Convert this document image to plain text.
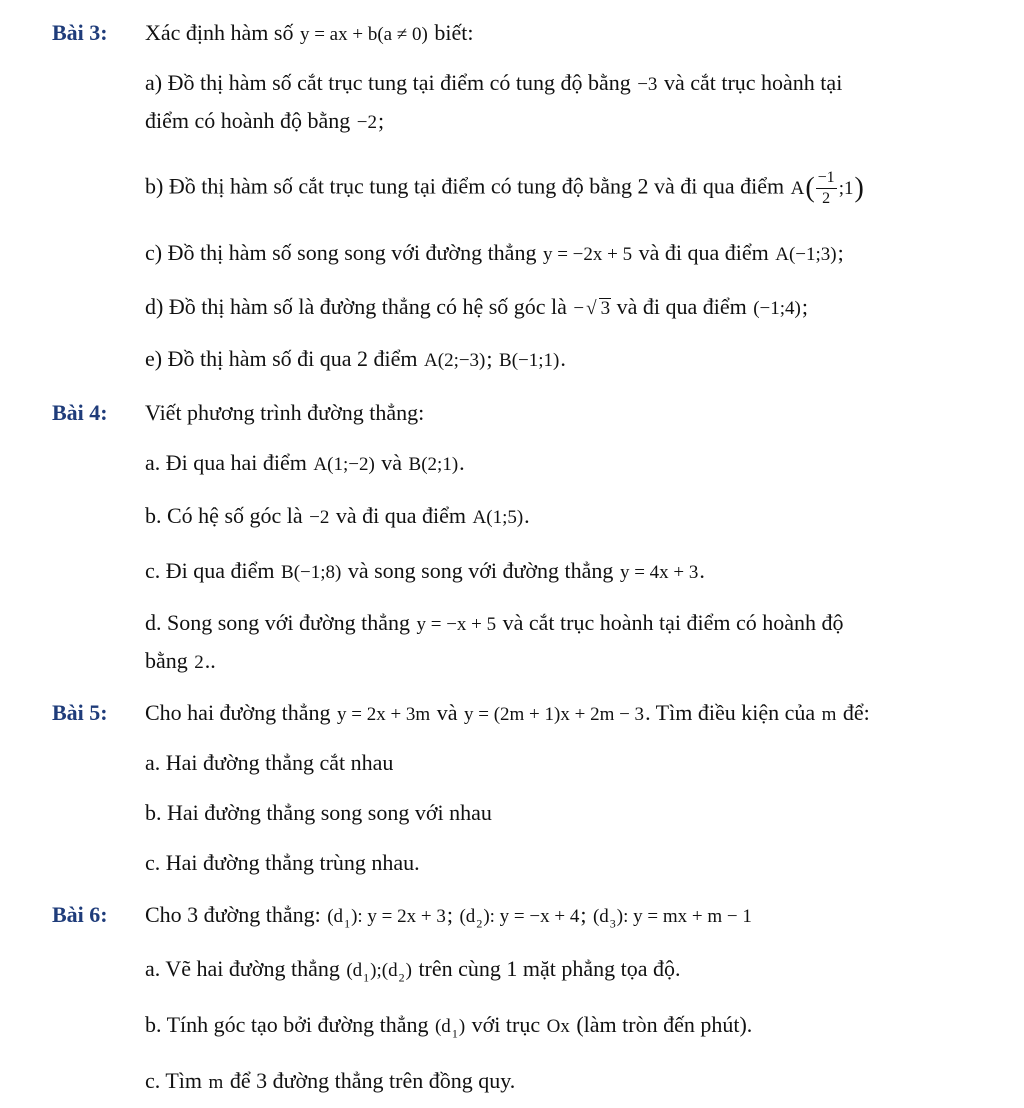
Bài 3: Xác định hàm số y = ax + b(a ≠ 0) biết:
a) Đồ thị hàm số cắt trục tung tại điểm có tung độ bằng −3 và cắt trục hoành tại
điểm có hoành độ bằng −2;
b) Đồ thị hàm số cắt trục tung tại điểm có tung độ bằng 2 và đi qua điểm $A( \frac{-1}{2}$ ;1)
c) Đồ thị hàm số song song với đường thẳng y = −2x + 5 và đi qua điểm A(−1;3);
d) Đồ thị hàm số là đường thẳng có hệ số góc là − √ 3 và đi qua điểm (−1;4);
e) Đồ thị hàm số đi qua 2 điểm A(2;−3); B(−1;1).
Bài 4: Viết phương trình đường thẳng:
a. Đi qua hai điểm A(1;−2) và B(2;1).
b. Có hệ số góc là −2 và đi qua điểm A(1;5).
c. Đi qua điểm B(−1;8) và song song với đường thẳng y = 4x + 3.
d. Song song với đường thẳng y = −x + 5 và cắt trục hoành tại điểm có hoành độ
bằng 2..
Bài 5: Cho hai đường thẳng y = 2x + 3m và y = (2m + 1)x + 2m − 3. Tìm điều kiện của m để:
a. Hai đường thẳng cắt nhau
b. Hai đường thẳng song song với nhau
c. Hai đường thẳng trùng nhau.
Bài 6: Cho 3 đường thẳng: $(d_1)$: y = 2x + 3; $(d_2)$: y = −x + 4; $(d_3)$: y = mx + m − 1
a. Vẽ hai đường thẳng $(d_1);(d_2)$ trên cùng 1 mặt phẳng tọa độ.
b. Tính góc tạo bởi đường thẳng $(d_1)$ với trục Ox (làm tròn đến phút).
c. Tìm m để 3 đường thẳng trên đồng quy.
